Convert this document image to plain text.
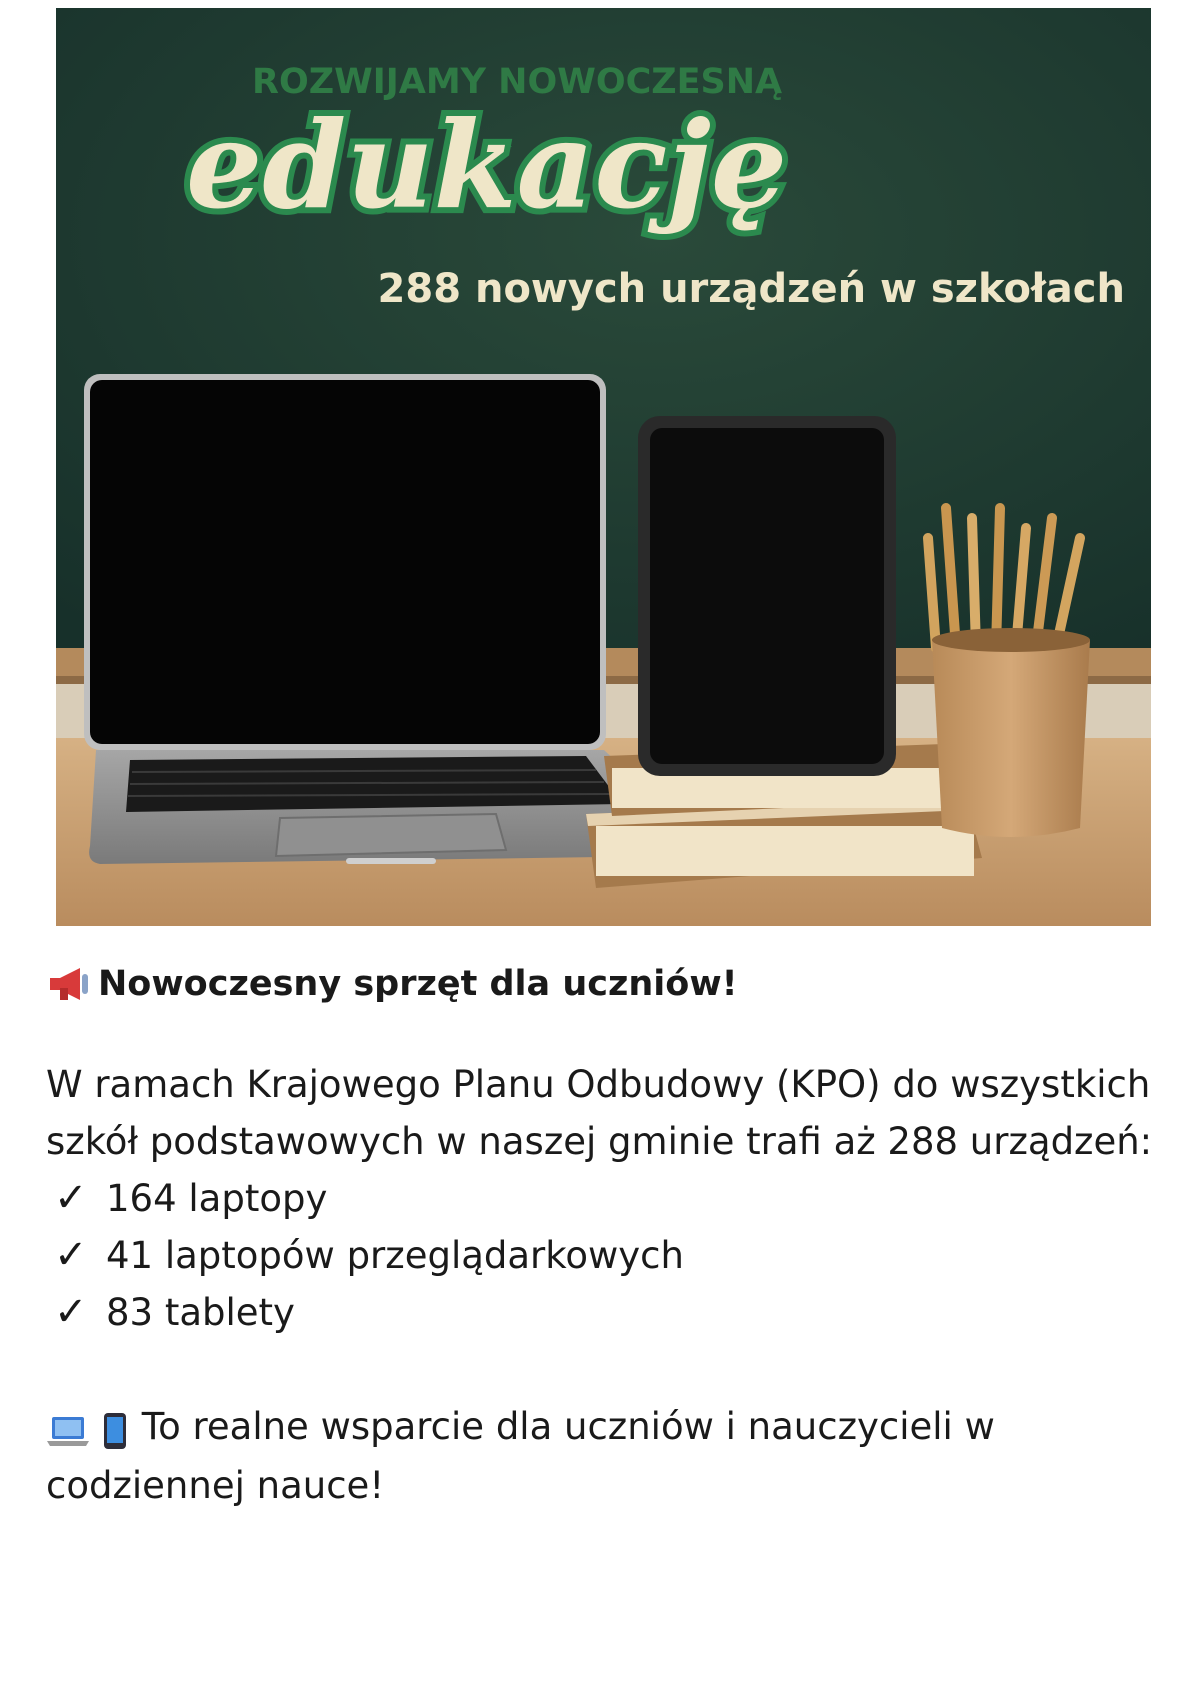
ROZWIJAMY NOWOCZESNĄ
edukację
288 nowych urządzeń w szkołach
Nowoczesny sprzęt dla uczniów!

W ramach Krajowego Planu Odbudowy (KPO) do wszystkich
szkół podstawowych w naszej gminie trafi aż 288 urządzeń:

✓ 164 laptopy
✓ 41 laptopów przeglądarkowych
✓ 83 tablety
To realne wsparcie dla uczniów i nauczycieli w
codziennej nauce!
